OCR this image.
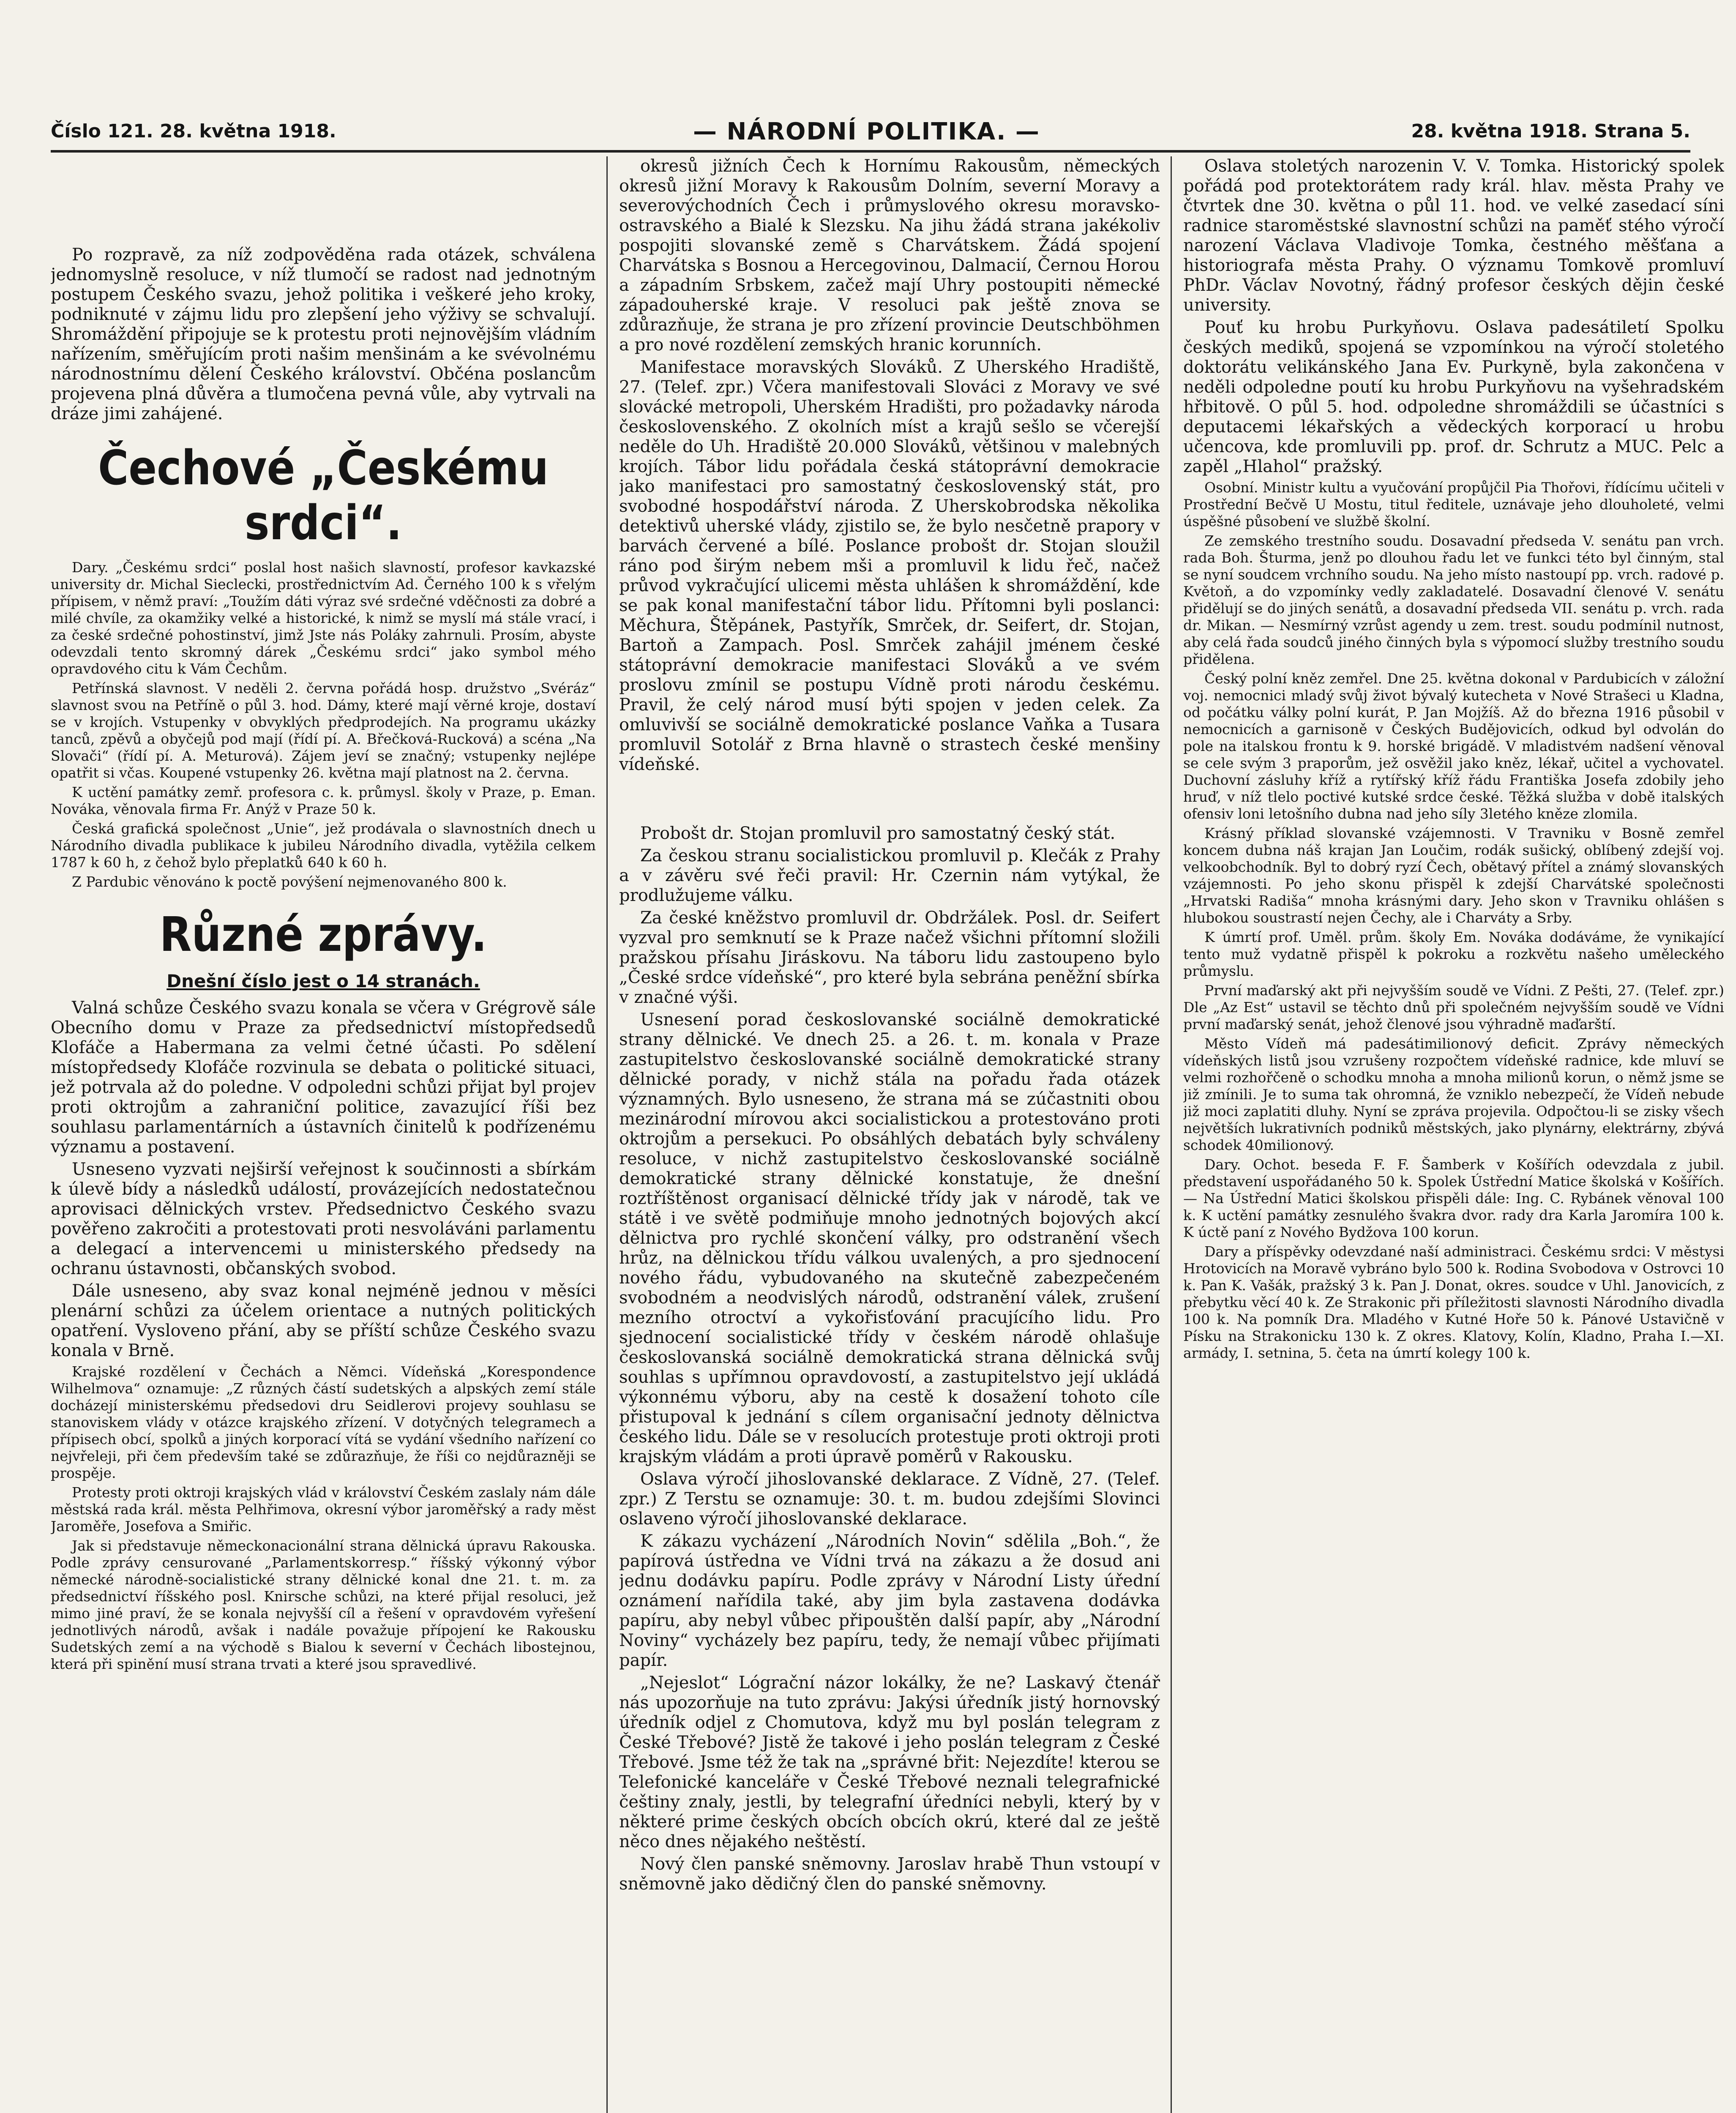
Číslo 121. 28. května 1918.	— NÁRODNÍ POLITIKA. —	28. května 1918. Strana 5.

Po rozpravě, za níž zodpověděna rada otázek, schválena jednomyslně resoluce, v níž tlumočí se radost nad jednotným postupem Českého svazu, jehož politika i veškeré jeho kroky, podniknuté v zájmu lidu pro zlepšení jeho výživy se schvalují. Shromáždění připojuje se k protestu proti nejnovějším vládním nařízením, směřujícím proti našim menšinám a ke svévolnému národnostnímu dělení Českého království. Občéna poslancům projevena plná důvěra a tlumočena pevná vůle, aby vytrvali na dráze jimi zahájené.

Čechové „Českému srdci“.

Dary. „Českému srdci“ poslal host našich slavností, profesor kavkazské university dr. Michal Sieclecki, prostřednictvím Ad. Černého 100 k s vřelým přípisem, v němž praví: „Toužím dáti výraz své srdečné vděčnosti za dobré a milé chvíle, za okamžiky velké a historické, k nimž se myslí má stále vrací, i za české srdečné pohostinství, jimž Jste nás Poláky zahrnuli. Prosím, abyste odevzdali tento skromný dárek „Českému srdci“ jako symbol mého opravdového citu k Vám Čechům.

Petřínská slavnost. V neděli 2. června pořádá hosp. družstvo „Svéráz“ slavnost svou na Petříně o půl 3. hod. Dámy, které mají věrné kroje, dostaví se v krojích. Vstupenky v obvyklých předprodejích. Na programu ukázky tanců, zpěvů a obyčejů pod mají (řídí pí. A. Břečková-Rucková) a scéna „Na Slovači“ (řídí pí. A. Meturová). Zájem jeví se značný; vstupenky nejlépe opatřit si včas. Koupené vstupenky 26. května mají platnost na 2. června.

K uctění památky zemř. profesora c. k. průmysl. školy v Praze, p. Eman. Nováka, věnovala firma Fr. Anýž v Praze 50 k.

Česká grafická společnost „Unie“, jež prodávala o slavnostních dnech u Národního divadla publikace k jubileu Národního divadla, vytěžila celkem 1787 k 60 h, z čehož bylo přeplatků 640 k 60 h.

Z Pardubic věnováno k poctě povýšení nejmenovaného 800 k.

Různé zprávy.
Dnešní číslo jest o 14 stranách.

Valná schůze Českého svazu konala se včera v Grégrově sále Obecního domu v Praze za předsednictví místopředsedů Klofáče a Habermana za velmi četné účasti. Po sdělení místopředsedy Klofáče rozvinula se debata o politické situaci, jež potrvala až do poledne. V odpoledni schůzi přijat byl projev proti oktrojům a zahraniční politice, zavazující říši bez souhlasu parlamentárních a ústavních činitelů k podřízenému významu a postavení.

Usneseno vyzvati nejširší veřejnost k součinnosti a sbírkám k úlevě bídy a následků událostí, provázejících nedostatečnou aprovisaci dělnických vrstev. Předsednictvo Českého svazu pověřeno zakročiti a protestovati proti nesvoláváni parlamentu a delegací a intervencemi u ministerského předsedy na ochranu ústavnosti, občanských svobod.

Dále usneseno, aby svaz konal nejméně jednou v měsíci plenární schůzi za účelem orientace a nutných politických opatření. Vysloveno přání, aby se příští schůze Českého svazu konala v Brně.

Krajské rozdělení v Čechách a Němci. Vídeňská „Korespondence Wilhelmova“ oznamuje: „Z různých částí sudetských a alpských zemí stále docházejí ministerskému předsedovi dru Seidlerovi projevy souhlasu se stanoviskem vlády v otázce krajského zřízení. V dotyčných telegramech a přípisech obcí, spolků a jiných korporací vítá se vydání všedního nařízení co nejvřeleji, při čem především také se zdůrazňuje, že říši co nejdůrazněji se prospěje.

Protesty proti oktroji krajských vlád v království Českém zaslaly nám dále městská rada král. města Pelhřimova, okresní výbor jaroměřský a rady měst Jaroměře, Josefova a Smiřic.

Jak si představuje německonacionální strana dělnická úpravu Rakouska. Podle zprávy censurované „Parlamentskorresp.“ říšský výkonný výbor německé národně-socialistické strany dělnické konal dne 21. t. m. za předsednictví říšského posl. Knirsche schůzi, na které přijal resoluci, jež mimo jiné praví, že se konala nejvyšší cíl a řešení v opravdovém vyřešení jednotlivých národů, avšak i nadále považuje přípojení ke Rakousku Sudetských zemí a na východě s Bialou k severní v Čechách libostejnou, která při spinění musí strana trvati a které jsou spravedlivé.

okresů jižních Čech k Hornímu Rakousům, německých okresů jižní Moravy k Rakousům Dolním, severní Moravy a severovýchodních Čech i průmyslového okresu moravsko-ostravského a Bialé k Slezsku. Na jihu žádá strana jakékoliv pospojiti slovanské země s Charvátskem. Žádá spojení Charvátska s Bosnou a Hercegovinou, Dalmacií, Černou Horou a západním Srbskem, začež mají Uhry postoupiti německé západouherské kraje. V resoluci pak ještě znova se zdůrazňuje, že strana je pro zřízení provincie Deutschböhmen a pro nové rozdělení zemských hranic korunních.

Manifestace moravských Slováků. Z Uherského Hradiště, 27. (Telef. zpr.) Včera manifestovali Slováci z Moravy ve své slovácké metropoli, Uherském Hradišti, pro požadavky národa československého. Z okolních míst a krajů sešlo se včerejší neděle do Uh. Hradiště 20.000 Slováků, většinou v malebných krojích. Tábor lidu pořádala česká státoprávní demokracie jako manifestaci pro samostatný československý stát, pro svobodné hospodářství národa. Z Uherskobrodska několika detektivů uherské vlády, zjistilo se, že bylo nesčetně prapory v barvách červené a bílé. Poslance probošt dr. Stojan sloužil ráno pod širým nebem mši a promluvil k lidu řeč, načež průvod vykračující ulicemi města uhlášen k shromáždění, kde se pak konal manifestační tábor lidu. Přítomni byli poslanci: Měchura, Štěpánek, Pastyřík, Smrček, dr. Seifert, dr. Stojan, Bartoň a Zampach. Posl. Smrček zahájil jménem české státoprávní demokracie manifestaci Slováků a ve svém proslovu zmínil se postupu Vídně proti národu českému. Pravil, že celý národ musí býti spojen v jeden celek. Za omluvivší se sociálně demokratické poslance Vaňka a Tusara promluvil Sotolář z Brna hlavně o strastech české menšiny vídeňské.

Probošt dr. Stojan promluvil pro samostatný český stát.

Za českou stranu socialistickou promluvil p. Klečák z Prahy a v závěru své řeči pravil: Hr. Czernin nám vytýkal, že prodlužujeme válku.

Za české kněžstvo promluvil dr. Obdržálek. Posl. dr. Seifert vyzval pro semknutí se k Praze načež všichni přítomní složili pražskou přísahu Jiráskovu. Na táboru lidu zastoupeno bylo „České srdce vídeňské“, pro které byla sebrána peněžní sbírka v značné výši.

Usnesení porad českoslovanské sociálně demokratické strany dělnické. Ve dnech 25. a 26. t. m. konala v Praze zastupitelstvo českoslovanské sociálně demokratické strany dělnické porady, v nichž stála na pořadu řada otázek významných. Bylo usneseno, že strana má se zúčastniti obou mezinárodní mírovou akci socialistickou a protestováno proti oktrojům a persekuci. Po obsáhlých debatách byly schváleny resoluce, v nichž zastupitelstvo českoslovanské sociálně demokratické strany dělnické konstatuje, že dnešní roztříštěnost organisací dělnické třídy jak v národě, tak ve státě i ve světě podmiňuje mnoho jednotných bojových akcí dělnictva pro rychlé skončení války, pro odstranění všech hrůz, na dělnickou třídu válkou uvalených, a pro sjednocení nového řádu, vybudovaného na skutečně zabezpečeném svobodném a neodvislých národů, odstranění válek, zrušení mezního otroctví a vykořisťování pracujícího lidu. Pro sjednocení socialistické třídy v českém národě ohlašuje českoslovanská sociálně demokratická strana dělnická svůj souhlas s upřímnou opravdovostí, a zastupitelstvo její ukládá výkonnému výboru, aby na cestě k dosažení tohoto cíle přistupoval k jednání s cílem organisační jednoty dělnictva českého lidu. Dále se v resolucích protestuje proti oktroji proti krajským vládám a proti úpravě poměrů v Rakousku.

Oslava výročí jihoslovanské deklarace. Z Vídně, 27. (Telef. zpr.) Z Terstu se oznamuje: 30. t. m. budou zdejšími Slovinci oslaveno výročí jihoslovanské deklarace.

K zákazu vycházení „Národních Novin“ sdělila „Boh.“, že papírová ústředna ve Vídni trvá na zákazu a že dosud ani jednu dodávku papíru. Podle zprávy v Národní Listy úřední oznámení nařídila také, aby jim byla zastavena dodávka papíru, aby nebyl vůbec připouštěn další papír, aby „Národní Noviny“ vycházely bez papíru, tedy, že nemají vůbec přijímati papír.

„Nejeslot“ Lógrační názor lokálky, že ne? Laskavý čtenář nás upozorňuje na tuto zprávu: Jakýsi úředník jistý hornovský úředník odjel z Chomutova, když mu byl poslán telegram z České Třebové? Jistě že takové i jeho poslán telegram z České Třebové. Jsme též že tak na „správné břit: Nejezdíte! kterou se Telefonické kanceláře v České Třebové neznali telegrafnické češtiny znaly, jestli, by telegrafní úředníci nebyli, který by v některé prime českých obcích obcích okrú, které dal ze ještě něco dnes nějakého neštěstí.

Nový člen panské sněmovny. Jaroslav hrabě Thun vstoupí v sněmovně jako dědičný člen do panské sněmovny.

Oslava stoletých narozenin V. V. Tomka. Historický spolek pořádá pod protektorátem rady král. hlav. města Prahy ve čtvrtek dne 30. května o půl 11. hod. ve velké zasedací síni radnice staroměstské slavnostní schůzi na paměť stého výročí narození Václava Vladivoje Tomka, čestného měšťana a historiografa města Prahy. O významu Tomkově promluví PhDr. Václav Novotný, řádný profesor českých dějin české university.

Pouť ku hrobu Purkyňovu. Oslava padesátiletí Spolku českých mediků, spojená se vzpomínkou na výročí stoletého doktorátu velikánského Jana Ev. Purkyně, byla zakončena v neděli odpoledne poutí ku hrobu Purkyňovu na vyšehradském hřbitově. O půl 5. hod. odpoledne shromáždili se účastníci s deputacemi lékařských a vědeckých korporací u hrobu učencova, kde promluvili pp. prof. dr. Schrutz a MUC. Pelc a zapěl „Hlahol“ pražský.

Osobní. Ministr kultu a vyučování propůjčil Pia Thořovi, řídícímu učiteli v Prostřední Bečvě U Mostu, titul ředitele, uznávaje jeho dlouholeté, velmi úspěšné působení ve službě školní.

Ze zemského trestního soudu. Dosavadní předseda V. senátu pan vrch. rada Boh. Šturma, jenž po dlouhou řadu let ve funkci této byl činným, stal se nyní soudcem vrchního soudu. Na jeho místo nastoupí pp. vrch. radové p. Květoň, a do vzpomínky vedly zakladatelé. Dosavadní členové V. senátu přidělují se do jiných senátů, a dosavadní předseda VII. senátu p. vrch. rada dr. Mikan. — Nesmírný vzrůst agendy u zem. trest. soudu podmínil nutnost, aby celá řada soudců jiného činných byla s výpomocí služby trestního soudu přidělena.

Český polní kněz zemřel. Dne 25. května dokonal v Pardubicích v záložní voj. nemocnici mladý svůj život bývalý kutecheta v Nové Strašeci u Kladna, od počátku války polní kurát, P. Jan Mojžíš. Až do března 1916 působil v nemocnicích a garnisoně v Českých Budějovicích, odkud byl odvolán do pole na italskou frontu k 9. horské brigádě. V mladistvém nadšení věnoval se cele svým 3 praporům, jež osvěžil jako kněz, lékař, učitel a vychovatel. Duchovní zásluhy kříž a rytířský kříž řádu Františka Josefa zdobily jeho hruď, v níž tlelo poctivé kutské srdce české. Těžká služba v době italských ofensiv loni letošního dubna nad jeho síly 3letého kněze zlomila.

Krásný příklad slovanské vzájemnosti. V Travniku v Bosně zemřel koncem dubna náš krajan Jan Loučim, rodák sušický, oblíbený zdejší voj. velkoobchodník. Byl to dobrý ryzí Čech, obětavý přítel a známý slovanských vzájemnosti. Po jeho skonu přispěl k zdejší Charvátské společnosti „Hrvatski Radiša“ mnoha krásnými dary. Jeho skon v Travniku ohlášen s hlubokou soustrastí nejen Čechy, ale i Charváty a Srby.

K úmrtí prof. Uměl. prům. školy Em. Nováka dodáváme, že vynikající tento muž vydatně přispěl k pokroku a rozkvětu našeho uměleckého průmyslu.

První maďarský akt při nejvyšším soudě ve Vídni. Z Pešti, 27. (Telef. zpr.) Dle „Az Est“ ustavil se těchto dnů při společném nejvyšším soudě ve Vídni první maďarský senát, jehož členové jsou výhradně maďarští.

Město Vídeň má padesátimilionový deficit. Zprávy německých vídeňských listů jsou vzrušeny rozpočtem vídeňské radnice, kde mluví se velmi rozhořčeně o schodku mnoha a mnoha milionů korun, o němž jsme se již zmínili. Je to suma tak ohromná, že vzniklo nebezpečí, že Vídeň nebude již moci zaplatiti dluhy. Nyní se zpráva projevila. Odpočtou-li se zisky všech největších lukrativních podniků městských, jako plynárny, elektrárny, zbývá schodek 40milionový.

Dary. Ochot. beseda F. F. Šamberk v Košířích odevzdala z jubil. představení uspořádaného 50 k. Spolek Ústřední Matice školská v Košířích. — Na Ústřední Matici školskou přispěli dále: Ing. C. Rybánek věnoval 100 k. K uctění památky zesnulého švakra dvor. rady dra Karla Jaromíra 100 k. K úctě paní z Nového Bydžova 100 korun.

Dary a příspěvky odevzdané naší administraci. Českému srdci: V městysi Hrotovicích na Moravě vybráno bylo 500 k. Rodina Svobodova v Ostrovci 10 k. Pan K. Vašák, pražský 3 k. Pan J. Donat, okres. soudce v Uhl. Janovicích, z přebytku věcí 40 k. Ze Strakonic při příležitosti slavnosti Národního divadla 100 k. Na pomník Dra. Mladého v Kutné Hoře 50 k. Pánové Ustavičně v Písku na Strakonicku 130 k. Z okres. Klatovy, Kolín, Kladno, Praha I.—XI. armády, I. setnina, 5. četa na úmrtí kolegy 100 k.
